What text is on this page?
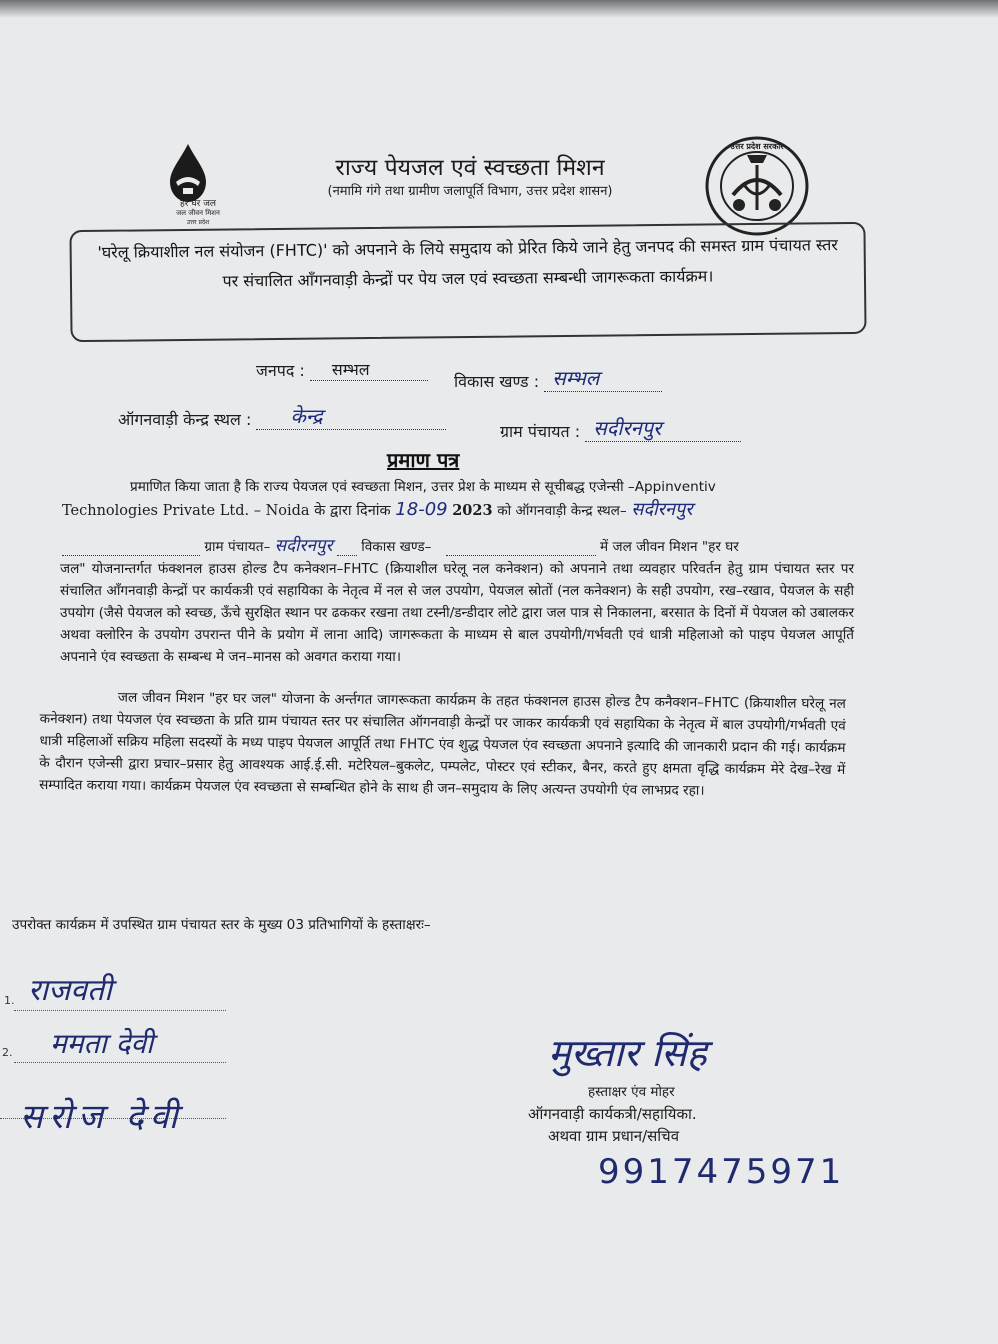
हर घर जल
जल जीवन मिशन
उत्तर प्रदेश
राज्य पेयजल एवं स्वच्छता मिशन
(नमामि गंगे तथा ग्रामीण जलापूर्ति विभाग, उत्तर प्रदेश शासन)
उत्तर प्रदेश सरकार
'घरेलू क्रियाशील नल संयोजन (FHTC)' को अपनाने के लिये समुदाय को प्रेरित किये जाने हेतु जनपद की समस्त ग्राम पंचायत स्तर पर संचालित आँगनवाड़ी केन्द्रों पर पेय जल एवं स्वच्छता सम्बन्धी जागरूकता कार्यक्रम।
जनपद : सम्भल
विकास खण्ड : सम्भल
ऑगनवाड़ी केन्द्र स्थल : केन्द्र
ग्राम पंचायत : सदीरनपुर
प्रमाण पत्र
प्रमाणित किया जाता है कि राज्य पेयजल एवं स्वच्छता मिशन, उत्तर प्रेश के माध्यम से सूचीबद्ध एजेन्सी –Appinventiv
Technologies Private Ltd. – Noida के द्वारा दिनांक 18-09 2023 को ऑगनवाड़ी केन्द्र स्थल– सदीरनपुर
ग्राम पंचायत– सदीरनपुर विकास खण्ड–	में जल जीवन मिशन "हर घर
जल" योजनान्तर्गत फंक्शनल हाउस होल्ड टैप कनेक्शन–FHTC (क्रियाशील घरेलू नल कनेक्शन) को अपनाने तथा व्यवहार परिवर्तन हेतु ग्राम पंचायत स्तर पर संचालित आँगनवाड़ी केन्द्रों पर कार्यकत्री एवं सहायिका के नेतृत्व में नल से जल उपयोग, पेयजल स्रोतों (नल कनेक्शन) के सही उपयोग, रख–रखाव, पेयजल के सही उपयोग (जैसे पेयजल को स्वच्छ, ऊँचे सुरक्षित स्थान पर ढककर रखना तथा टस्नी/डन्डीदार लोटे द्वारा जल पात्र से निकालना, बरसात के दिनों में पेयजल को उबालकर अथवा क्लोरिन के उपयोग उपरान्त पीने के प्रयोग में लाना आदि) जागरूकता के माध्यम से बाल उपयोगी/गर्भवती एवं धात्री महिलाओ को पाइप पेयजल आपूर्ति अपनाने एंव स्वच्छता के सम्बन्ध मे जन–मानस को अवगत कराया गया।
जल जीवन मिशन "हर घर जल" योजना के अर्न्तगत जागरूकता कार्यक्रम के तहत फंक्शनल हाउस होल्ड टैप कनैक्शन–FHTC (क्रियाशील घरेलू नल कनेक्शन) तथा पेयजल एंव स्वच्छता के प्रति ग्राम पंचायत स्तर पर संचालित ऑगनवाड़ी केन्द्रों पर जाकर कार्यकत्री एवं सहायिका के नेतृत्व में बाल उपयोगी/गर्भवती एवं धात्री महिलाओं सक्रिय महिला सदस्यों के मध्य पाइप पेयजल आपूर्ति तथा FHTC एंव शुद्ध पेयजल एंव स्वच्छता अपनाने इत्यादि की जानकारी प्रदान की गई। कार्यक्रम के दौरान एजेन्सी द्वारा प्रचार–प्रसार हेतु आवश्यक आई.ई.सी. मटेरियल–बुकलेट, पम्पलेट, पोस्टर एवं स्टीकर, बैनर, करते हुए क्षमता वृद्धि कार्यक्रम मेरे देख–रेख में सम्पादित कराया गया। कार्यक्रम पेयजल एंव स्वच्छता से सम्बन्धित होने के साथ ही जन–समुदाय के लिए अत्यन्त उपयोगी एंव लाभप्रद रहा।
उपरोक्त कार्यक्रम में उपस्थित ग्राम पंचायत स्तर के मुख्य 03 प्रतिभागियों के हस्ताक्षरः–
1. राजवती
2. ममता देवी
सरोज देवी
मुख्तार सिंह
हस्ताक्षर एंव मोहर
ऑगनवाड़ी कार्यकत्री/सहायिका.
अथवा ग्राम प्रधान/सचिव
9917475971
